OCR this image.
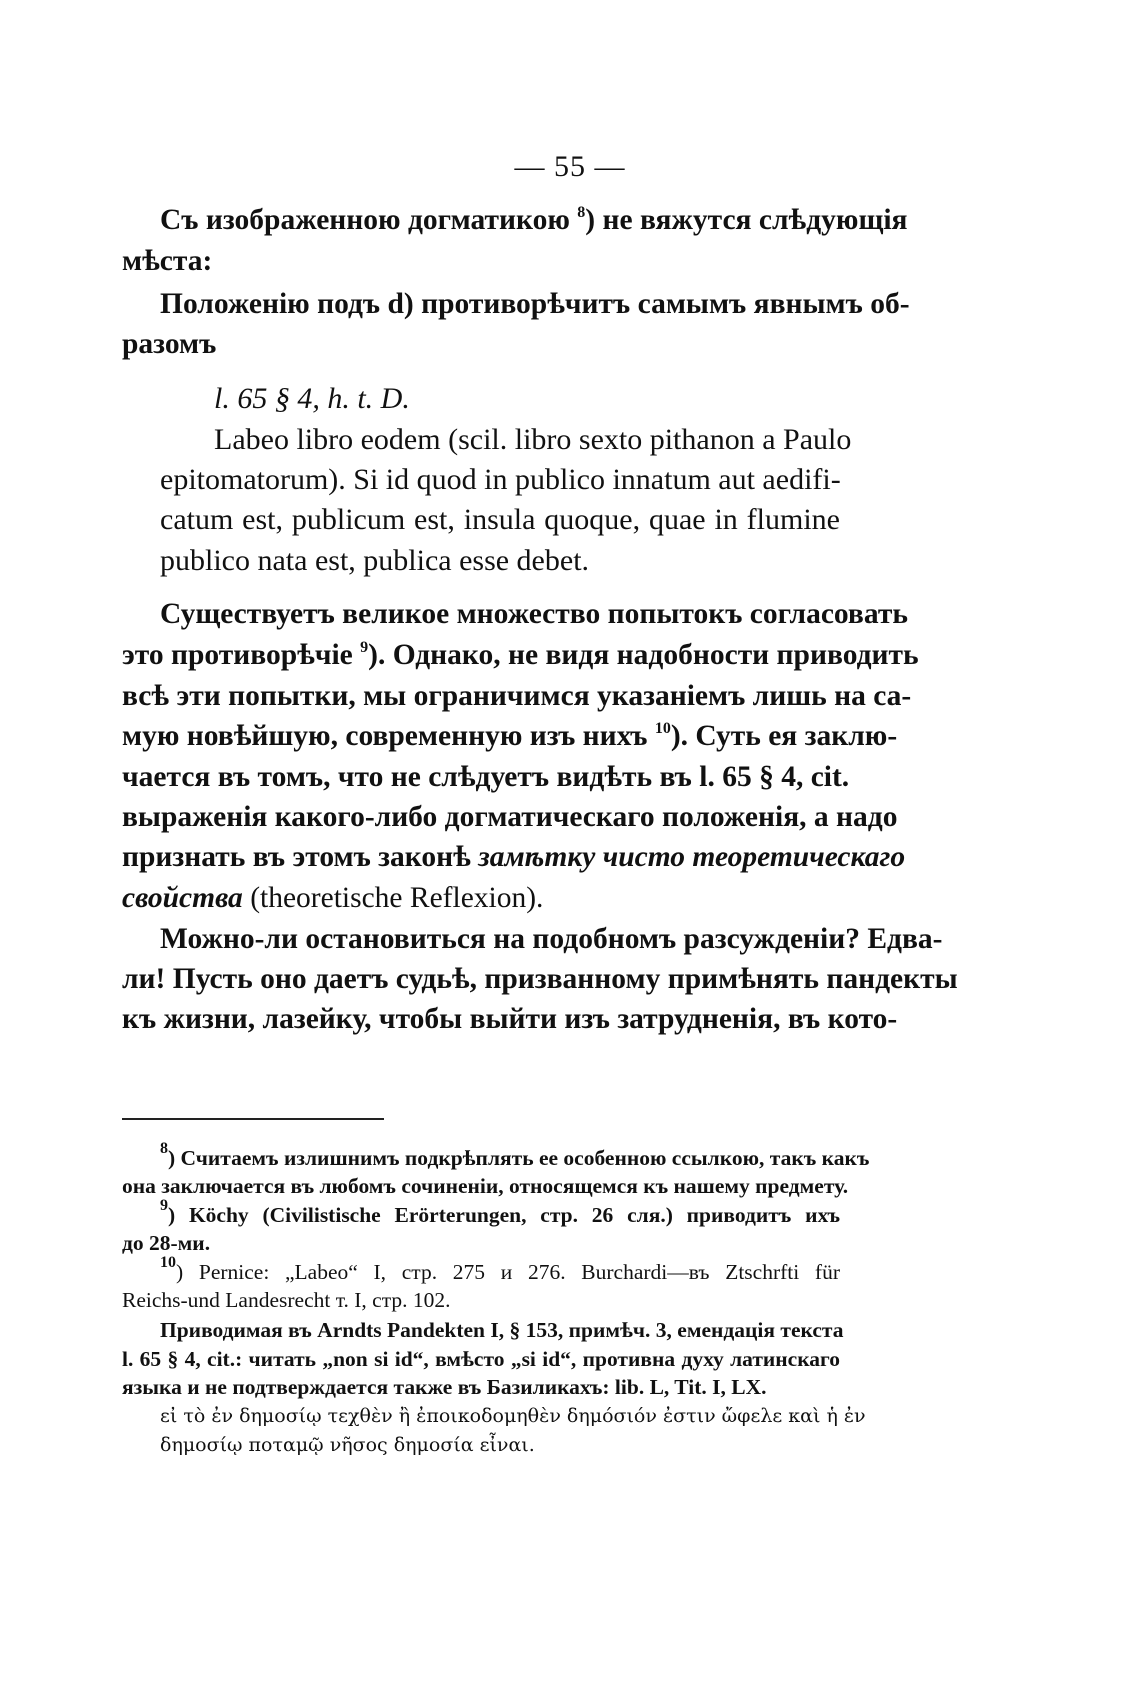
— 55 —
Съ изображенною догматикою $^8$) не вяжутся слѣдующія
мѣста:
Положенію подъ d) противорѣчитъ самымъ явнымъ об-
разомъ
l. 65 § 4, h. t. D.
Labeo libro eodem (scil. libro sexto pithanon a Paulo
epitomatorum). Si id quod in publico innatum aut aedifi-
catum est, publicum est, insula quoque, quae in flumine
publico nata est, publica esse debet.
Существуетъ великое множество попытокъ согласовать
это противорѣчіе $^9$). Однако, не видя надобности приводить
всѣ эти попытки, мы ограничимся указаніемъ лишь на са-
мую новѣйшую, современную изъ нихъ $^{10}$). Суть ея заклю-
чается въ томъ, что не слѣдуетъ видѣть въ l. 65 § 4, cit.
выраженія какого-либо догматическаго положенія, а надо
признать въ этомъ законѣ замѣтку чисто теоретическаго
свойства (theoretische Reflexion).
Можно-ли остановиться на подобномъ разсужденіи? Едва-
ли! Пусть оно даетъ судьѣ, призванному примѣнять пандекты
къ жизни, лазейку, чтобы выйти изъ затрудненія, въ кото-
$^8$) Считаемъ излишнимъ подкрѣплять ее особенною ссылкою, такъ какъ
она заключается въ любомъ сочиненіи, относящемся къ нашему предмету.
$^9$) Köchy (Civilistische Erörterungen, стр. 26 сля.) приводитъ ихъ
до 28-ми.
$^{10}$) Pernice: „Labeo“ I, стр. 275 и 276. Burchardi—въ Ztschrfti für
Reichs-und Landesrecht т. I, стр. 102.
Приводимая въ Arndts Pandekten I, § 153, примѣч. 3, емендація текста
l. 65 § 4, cit.: читать „non si id“, вмѣсто „si id“, противна духу латинскаго
языка и не подтверждается также въ Базиликахъ: lib. L, Tit. I, LX.
εἰ τὸ ἐν δημοσίῳ τεχθὲν ἢ ἐποικοδομηθὲν δημόσιόν ἐστιν ὤφελε καὶ ἡ ἐν
δημοσίῳ ποταμῷ νῆσος δημοσία εἶναι.
